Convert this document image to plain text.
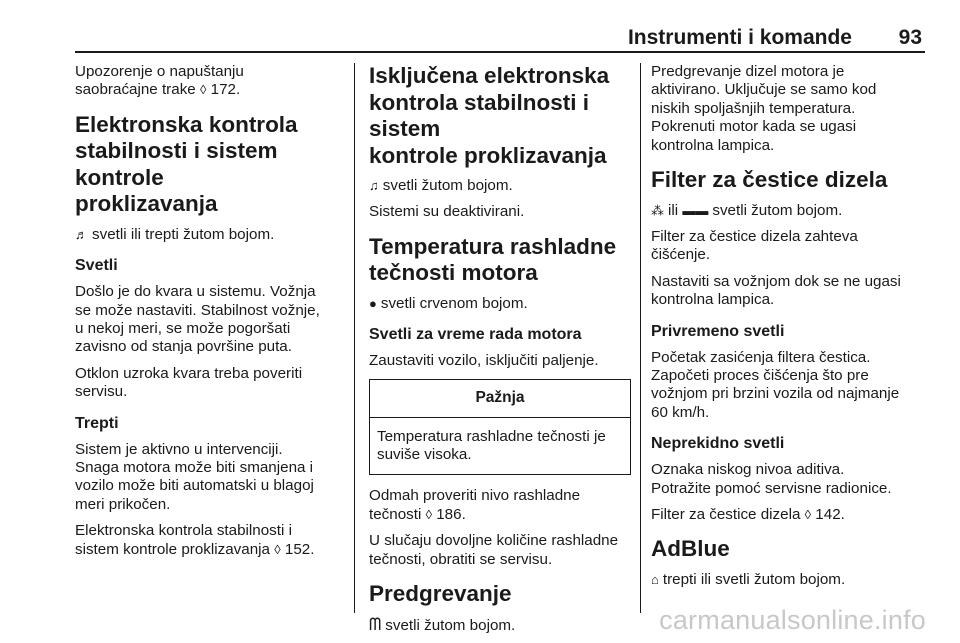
Instrumenti i komande 93

Upozorenje o napuštanju
saobraćajne trake ◊ 172.

Elektronska kontrola
stabilnosti i sistem kontrole
proklizavanja

♬ svetli ili trepti žutom bojom.

Svetli

Došlo je do kvara u sistemu. Vožnja
se može nastaviti. Stabilnost vožnje,
u nekoj meri, se može pogoršati
zavisno od stanja površine puta.

Otklon uzroka kvara treba poveriti
servisu.

Trepti

Sistem je aktivno u intervenciji.
Snaga motora može biti smanjena i
vozilo može biti automatski u blagoj
meri prikočen.

Elektronska kontrola stabilnosti i
sistem kontrole proklizavanja ◊ 152.

Isključena elektronska
kontrola stabilnosti i sistem
kontrole proklizavanja

♫ svetli žutom bojom.

Sistemi su deaktivirani.

Temperatura rashladne
tečnosti motora

● svetli crvenom bojom.

Svetli za vreme rada motora

Zaustaviti vozilo, isključiti paljenje.

Pažnja
Temperatura rashladne tečnosti je
suviše visoka.

Odmah proveriti nivo rashladne
tečnosti ◊ 186.

U slučaju dovoljne količine rashladne
tečnosti, obratiti se servisu.

Predgrevanje

ᗰ svetli žutom bojom.

Predgrevanje dizel motora je
aktivirano. Uključuje se samo kod
niskih spoljašnjih temperatura.
Pokrenuti motor kada se ugasi
kontrolna lampica.

Filter za čestice dizela

⁂ ili ▬▬ svetli žutom bojom.

Filter za čestice dizela zahteva
čišćenje.

Nastaviti sa vožnjom dok se ne ugasi
kontrolna lampica.

Privremeno svetli

Početak zasićenja filtera čestica.
Započeti proces čišćenja što pre
vožnjom pri brzini vozila od najmanje
60 km/h.

Neprekidno svetli

Oznaka niskog nivoa aditiva.
Potražite pomoć servisne radionice.

Filter za čestice dizela ◊ 142.

AdBlue

⌂ trepti ili svetli žutom bojom.

carmanualsonline.info
